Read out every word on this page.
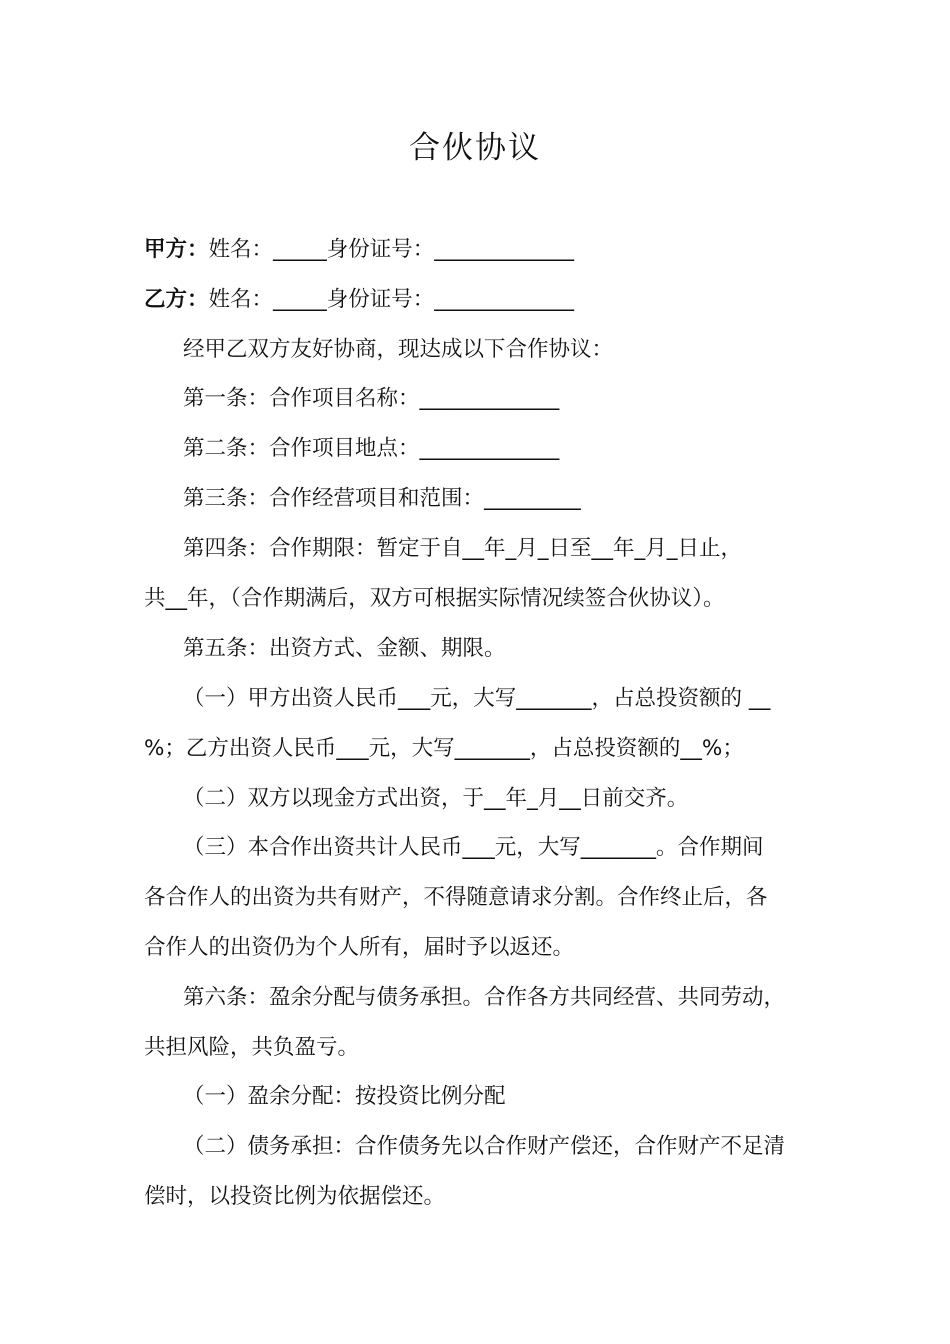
合伙协议

甲方：姓名：_____身份证号：_____________

乙方：姓名：_____身份证号：_____________

经甲乙双方友好协商，现达成以下合作协议：

第一条：合作项目名称：_____________

第二条：合作项目地点：_____________

第三条：合作经营项目和范围：_________

第四条：合作期限：暂定于自__年_月_日至__年_月_日止，

共__年，（合作期满后，双方可根据实际情况续签合伙协议）。

第五条：出资方式、金额、期限。

（一）甲方出资人民币___元，大写_______，占总投资额的 __

%；乙方出资人民币___元，大写_______，占总投资额的__%；

（二）双方以现金方式出资，于__年_月__日前交齐。

（三）本合作出资共计人民币___元，大写_______。合作期间

各合作人的出资为共有财产，不得随意请求分割。合作终止后，各

合作人的出资仍为个人所有，届时予以返还。

第六条：盈余分配与债务承担。合作各方共同经营、共同劳动，

共担风险，共负盈亏。

（一）盈余分配：按投资比例分配

（二）债务承担：合作债务先以合作财产偿还，合作财产不足清

偿时，以投资比例为依据偿还。
